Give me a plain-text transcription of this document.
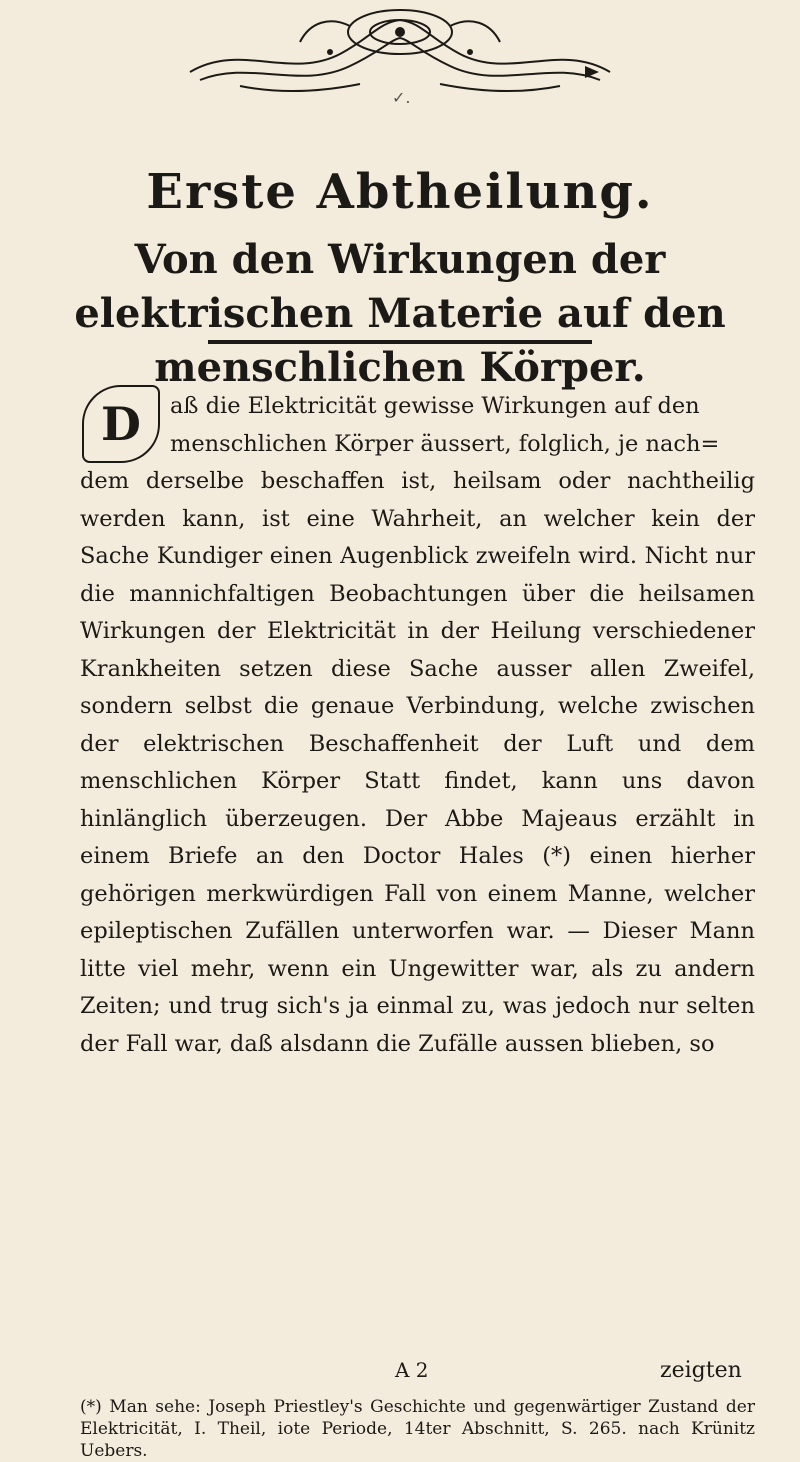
✓.
Erste Abtheilung.
Von den Wirkungen der elektrischen Materie auf den menschlichen Körper.
D	aß die Elektricität gewisse Wirkungen auf den
menschlichen Körper äussert, folglich, je nach=
dem derselbe beschaffen ist, heilsam oder nachtheilig werden kann, ist eine Wahrheit, an welcher kein der Sache Kundiger einen Augenblick zweifeln wird. Nicht nur die mannichfaltigen Beobachtungen über die heilsamen Wirkungen der Elektricität in der Heilung verschiedener Krankheiten setzen diese Sache ausser allen Zweifel, sondern selbst die genaue Verbindung, welche zwischen der elektrischen Beschaffenheit der Luft und dem menschlichen Körper Statt findet, kann uns davon hinlänglich überzeugen. Der Abbe Majeaus erzählt in einem Briefe an den Doctor Hales (*) einen hierher gehörigen merkwürdigen Fall von einem Manne, welcher epileptischen Zufällen unterworfen war. — Dieser Mann litte viel mehr, wenn ein Ungewitter war, als zu andern Zeiten; und trug sich's ja einmal zu, was jedoch nur selten der Fall war, daß alsdann die Zufälle aussen blieben, so

A 2	zeigten
(*) Man sehe: Joseph Priestley's Geschichte und gegenwärtiger Zustand der Elektricität, I. Theil, iote Periode, 14ter Abschnitt, S. 265. nach Krünitz Uebers.
